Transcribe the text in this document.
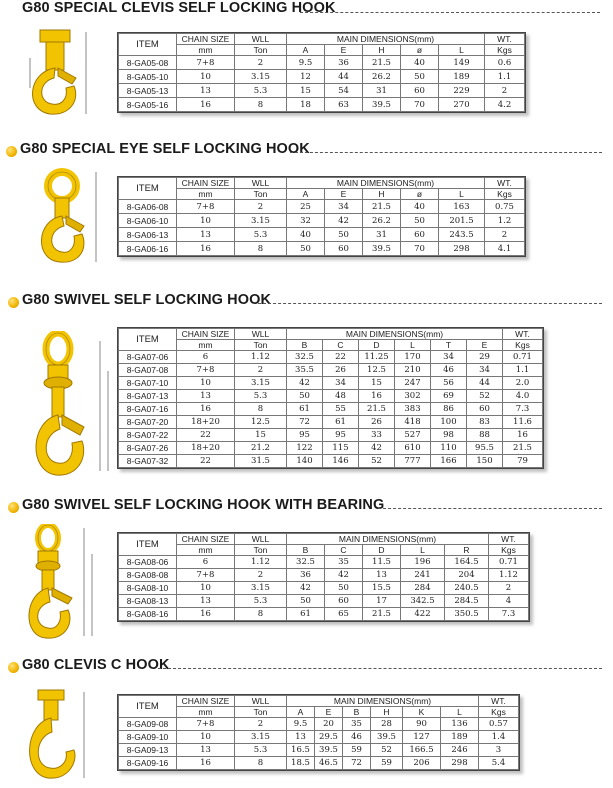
G80 SPECIAL CLEVIS SELF LOCKING HOOK
ITEM	CHAIN SIZE	WLL	MAIN DIMENSIONS(mm)					WT.
	mm	Ton	A	E	H	ø	L	Kgs
8-GA05-08	7+8	2	9.5	36	21.5	40	149	0.6
8-GA05-10	10	3.15	12	44	26.2	50	189	1.1
8-GA05-13	13	5.3	15	54	31	60	229	2
8-GA05-16	16	8	18	63	39.5	70	270	4.2
G80 SPECIAL EYE SELF LOCKING HOOK
ITEM	CHAIN SIZE	WLL	MAIN DIMENSIONS(mm)					WT.
	mm	Ton	A	E	H	ø	L	Kgs
8-GA06-08	7+8	2	25	34	21.5	40	163	0.75
8-GA06-10	10	3.15	32	42	26.2	50	201.5	1.2
8-GA06-13	13	5.3	40	50	31	60	243.5	2
8-GA06-16	16	8	50	60	39.5	70	298	4.1
G80 SWIVEL SELF LOCKING HOOK
ITEM	CHAIN SIZE	WLL	MAIN DIMENSIONS(mm)						WT.
	mm	Ton	B	C	D	L	T	E	Kgs
8-GA07-06	6	1.12	32.5	22	11.25	170	34	29	0.71
8-GA07-08	7+8	2	35.5	26	12.5	210	46	34	1.1
8-GA07-10	10	3.15	42	34	15	247	56	44	2.0
8-GA07-13	13	5.3	50	48	16	302	69	52	4.0
8-GA07-16	16	8	61	55	21.5	383	86	60	7.3
8-GA07-20	18+20	12.5	72	61	26	418	100	83	11.6
8-GA07-22	22	15	95	95	33	527	98	88	16
8-GA07-26	18+20	21.2	122	115	42	610	110	95.5	21.5
8-GA07-32	22	31.5	140	146	52	777	166	150	79
G80 SWIVEL SELF LOCKING HOOK WITH BEARING
ITEM	CHAIN SIZE	WLL	MAIN DIMENSIONS(mm)					WT.
	mm	Ton	B	C	D	L	R	Kgs
8-GA08-06	6	1.12	32.5	35	11.5	196	164.5	0.71
8-GA08-08	7+8	2	36	42	13	241	204	1.12
8-GA08-10	10	3.15	42	50	15.5	284	240.5	2
8-GA08-13	13	5.3	50	60	17	342.5	284.5	4
8-GA08-16	16	8	61	65	21.5	422	350.5	7.3
G80 CLEVIS C HOOK
ITEM	CHAIN SIZE	WLL	MAIN DIMENSIONS(mm)						WT.
	mm	Ton	A	E	B	H	K	L	Kgs
8-GA09-08	7+8	2	9.5	20	35	28	90	136	0.57
8-GA09-10	10	3.15	13	29.5	46	39.5	127	189	1.4
8-GA09-13	13	5.3	16.5	39.5	59	52	166.5	246	3
8-GA09-16	16	8	18.5	46.5	72	59	206	298	5.4
